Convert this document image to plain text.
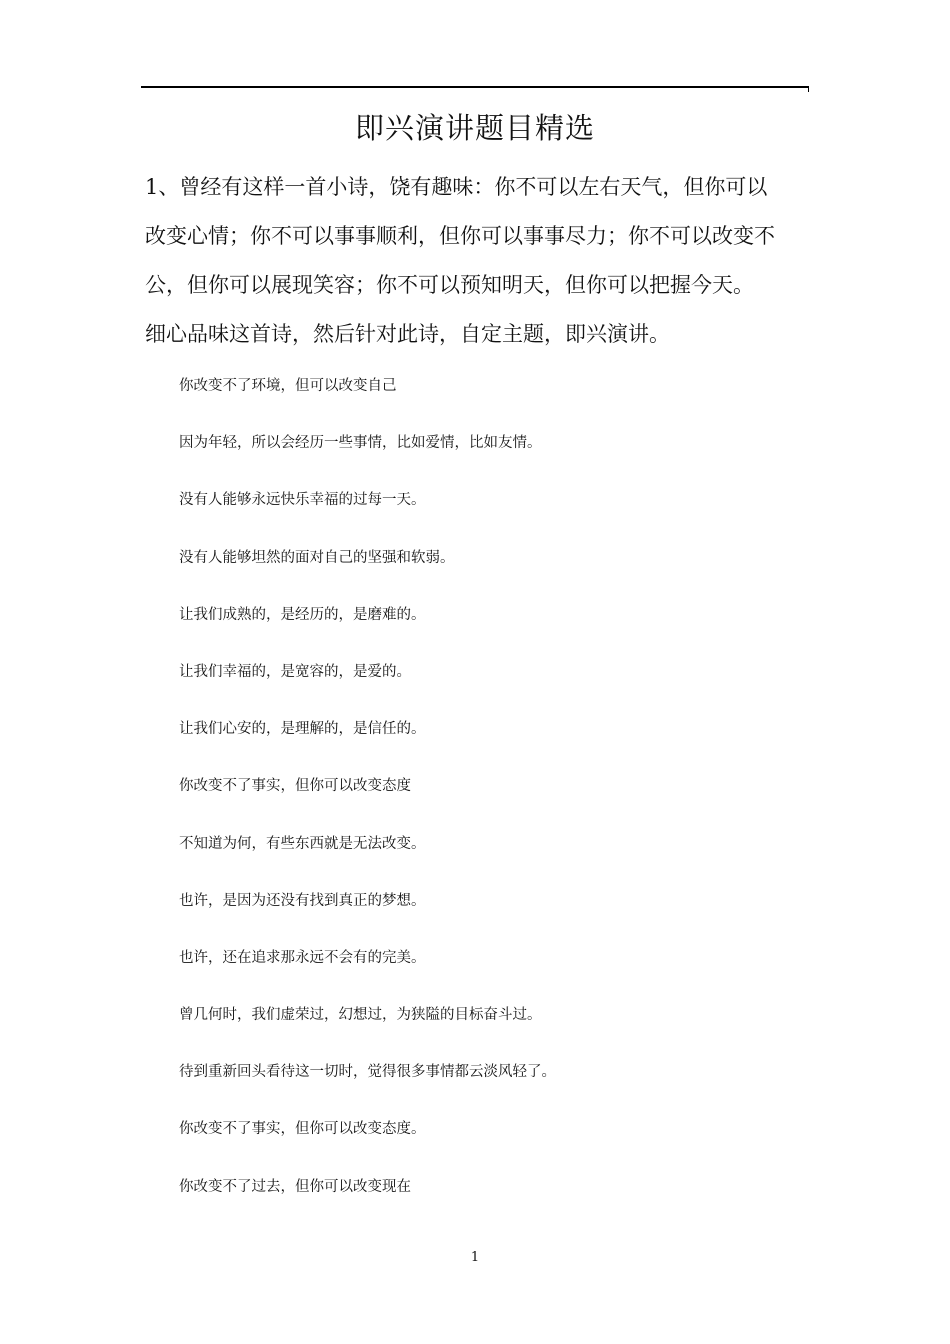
即兴演讲题目精选

1、曾经有这样一首小诗，饶有趣味：你不可以左右天气，但你可以
改变心情；你不可以事事顺利，但你可以事事尽力；你不可以改变不
公，但你可以展现笑容；你不可以预知明天，但你可以把握今天。
细心品味这首诗，然后针对此诗，自定主题，即兴演讲。

你改变不了环境，但可以改变自己
因为年轻，所以会经历一些事情，比如爱情，比如友情。
没有人能够永远快乐幸福的过每一天。
没有人能够坦然的面对自己的坚强和软弱。
让我们成熟的，是经历的，是磨难的。
让我们幸福的，是宽容的，是爱的。
让我们心安的，是理解的，是信任的。
你改变不了事实，但你可以改变态度
不知道为何，有些东西就是无法改变。
也许，是因为还没有找到真正的梦想。
也许，还在追求那永远不会有的完美。
曾几何时，我们虚荣过，幻想过，为狭隘的目标奋斗过。
待到重新回头看待这一切时，觉得很多事情都云淡风轻了。
你改变不了事实，但你可以改变态度。
你改变不了过去，但你可以改变现在
1
